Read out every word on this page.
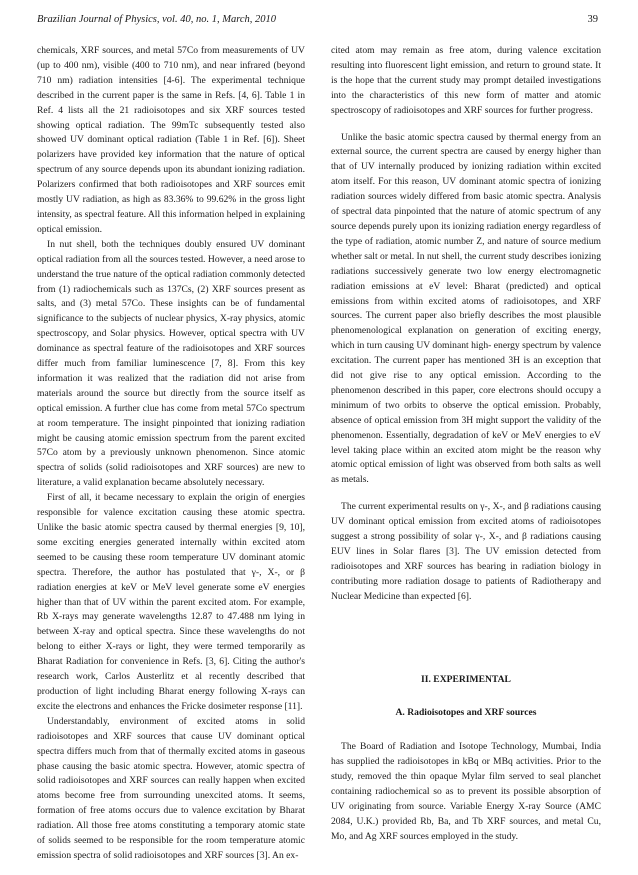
Brazilian Journal of Physics, vol. 40, no. 1, March, 2010	39

chemicals, XRF sources, and metal 57Co from measurements of UV (up to 400 nm), visible (400 to 710 nm), and near infrared (beyond 710 nm) radiation intensities [4-6]. The experimental technique described in the current paper is the same in Refs. [4, 6]. Table 1 in Ref. 4 lists all the 21 radioisotopes and six XRF sources tested showing optical radiation. The 99mTc subsequently tested also showed UV dominant optical radiation (Table 1 in Ref. [6]). Sheet polarizers have provided key information that the nature of optical spectrum of any source depends upon its abundant ionizing radiation. Polarizers confirmed that both radioisotopes and XRF sources emit mostly UV radiation, as high as 83.36% to 99.62% in the gross light intensity, as spectral feature. All this information helped in explaining optical emission.

In nut shell, both the techniques doubly ensured UV dominant optical radiation from all the sources tested. However, a need arose to understand the true nature of the optical radiation commonly detected from (1) radiochemicals such as 137Cs, (2) XRF sources present as salts, and (3) metal 57Co. These insights can be of fundamental significance to the subjects of nuclear physics, X-ray physics, atomic spectroscopy, and Solar physics. However, optical spectra with UV dominance as spectral feature of the radioisotopes and XRF sources differ much from familiar luminescence [7, 8]. From this key information it was realized that the radiation did not arise from materials around the source but directly from the source itself as optical emission. A further clue has come from metal 57Co spectrum at room temperature. The insight pinpointed that ionizing radiation might be causing atomic emission spectrum from the parent excited 57Co atom by a previously unknown phenomenon. Since atomic spectra of solids (solid radioisotopes and XRF sources) are new to literature, a valid explanation became absolutely necessary.

First of all, it became necessary to explain the origin of energies responsible for valence excitation causing these atomic spectra. Unlike the basic atomic spectra caused by thermal energies [9, 10], some exciting energies generated internally within excited atom seemed to be causing these room temperature UV dominant atomic spectra. Therefore, the author has postulated that γ-, X-, or β radiation energies at keV or MeV level generate some eV energies higher than that of UV within the parent excited atom. For example, Rb X-rays may generate wavelengths 12.87 to 47.488 nm lying in between X-ray and optical spectra. Since these wavelengths do not belong to either X-rays or light, they were termed temporarily as Bharat Radiation for convenience in Refs. [3, 6]. Citing the author's research work, Carlos Austerlitz et al recently described that production of light including Bharat energy following X-rays can excite the electrons and enhances the Fricke dosimeter response [11].

Understandably, environment of excited atoms in solid radioisotopes and XRF sources that cause UV dominant optical spectra differs much from that of thermally excited atoms in gaseous phase causing the basic atomic spectra. However, atomic spectra of solid radioisotopes and XRF sources can really happen when excited atoms become free from surrounding unexcited atoms. It seems, formation of free atoms occurs due to valence excitation by Bharat radiation. All those free atoms constituting a temporary atomic state of solids seemed to be responsible for the room temperature atomic emission spectra of solid radioisotopes and XRF sources [3]. An ex-

cited atom may remain as free atom, during valence excitation resulting into fluorescent light emission, and return to ground state. It is the hope that the current study may prompt detailed investigations into the characteristics of this new form of matter and atomic spectroscopy of radioisotopes and XRF sources for further progress.

Unlike the basic atomic spectra caused by thermal energy from an external source, the current spectra are caused by energy higher than that of UV internally produced by ionizing radiation within excited atom itself. For this reason, UV dominant atomic spectra of ionizing radiation sources widely differed from basic atomic spectra. Analysis of spectral data pinpointed that the nature of atomic spectrum of any source depends purely upon its ionizing radiation energy regardless of the type of radiation, atomic number Z, and nature of source medium whether salt or metal. In nut shell, the current study describes ionizing radiations successively generate two low energy electromagnetic radiation emissions at eV level: Bharat (predicted) and optical emissions from within excited atoms of radioisotopes, and XRF sources. The current paper also briefly describes the most plausible phenomenological explanation on generation of exciting energy, which in turn causing UV dominant high- energy spectrum by valence excitation. The current paper has mentioned 3H is an exception that did not give rise to any optical emission. According to the phenomenon described in this paper, core electrons should occupy a minimum of two orbits to observe the optical emission. Probably, absence of optical emission from 3H might support the validity of the phenomenon. Essentially, degradation of keV or MeV energies to eV level taking place within an excited atom might be the reason why atomic optical emission of light was observed from both salts as well as metals.

The current experimental results on γ-, X-, and β radiations causing UV dominant optical emission from excited atoms of radioisotopes suggest a strong possibility of solar γ-, X-, and β radiations causing EUV lines in Solar flares [3]. The UV emission detected from radioisotopes and XRF sources has bearing in radiation biology in contributing more radiation dosage to patients of Radiotherapy and Nuclear Medicine than expected [6].

II. EXPERIMENTAL
A. Radioisotopes and XRF sources

The Board of Radiation and Isotope Technology, Mumbai, India has supplied the radioisotopes in kBq or MBq activities. Prior to the study, removed the thin opaque Mylar film served to seal planchet containing radiochemical so as to prevent its possible absorption of UV originating from source. Variable Energy X-ray Source (AMC 2084, U.K.) provided Rb, Ba, and Tb XRF sources, and metal Cu, Mo, and Ag XRF sources employed in the study.
